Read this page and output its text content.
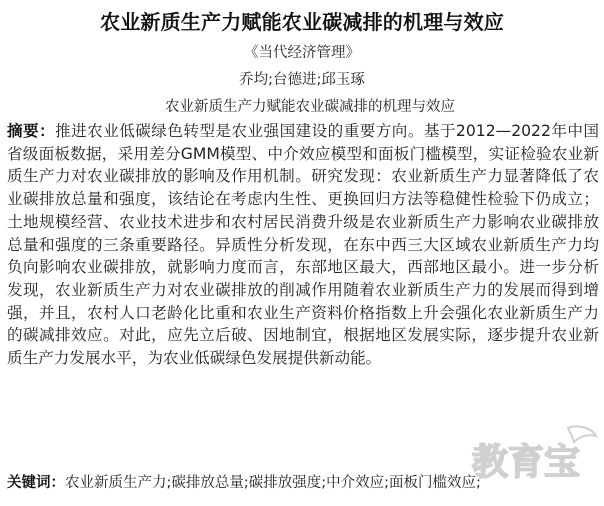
农业新质生产力赋能农业碳减排的机理与效应
《当代经济管理》
乔均;台德进;邱玉琢
农业新质生产力赋能农业碳减排的机理与效应
摘要：推进农业低碳绿色转型是农业强国建设的重要方向。基于2012—2022年中国省级面板数据，采用差分GMM模型、中介效应模型和面板门槛模型，实证检验农业新质生产力对农业碳排放的影响及作用机制。研究发现：农业新质生产力显著降低了农业碳排放总量和强度，该结论在考虑内生性、更换回归方法等稳健性检验下仍成立；土地规模经营、农业技术进步和农村居民消费升级是农业新质生产力影响农业碳排放总量和强度的三条重要路径。异质性分析发现，在东中西三大区域农业新质生产力均负向影响农业碳排放，就影响力度而言，东部地区最大，西部地区最小。进一步分析发现，农业新质生产力对农业碳排放的削减作用随着农业新质生产力的发展而得到增强，并且，农村人口老龄化比重和农业生产资料价格指数上升会强化农业新质生产力的碳减排效应。对此，应先立后破、因地制宜，根据地区发展实际，逐步提升农业新质生产力发展水平，为农业低碳绿色发展提供新动能。
关键词：农业新质生产力;碳排放总量;碳排放强度;中介效应;面板门槛效应;
教育宝
